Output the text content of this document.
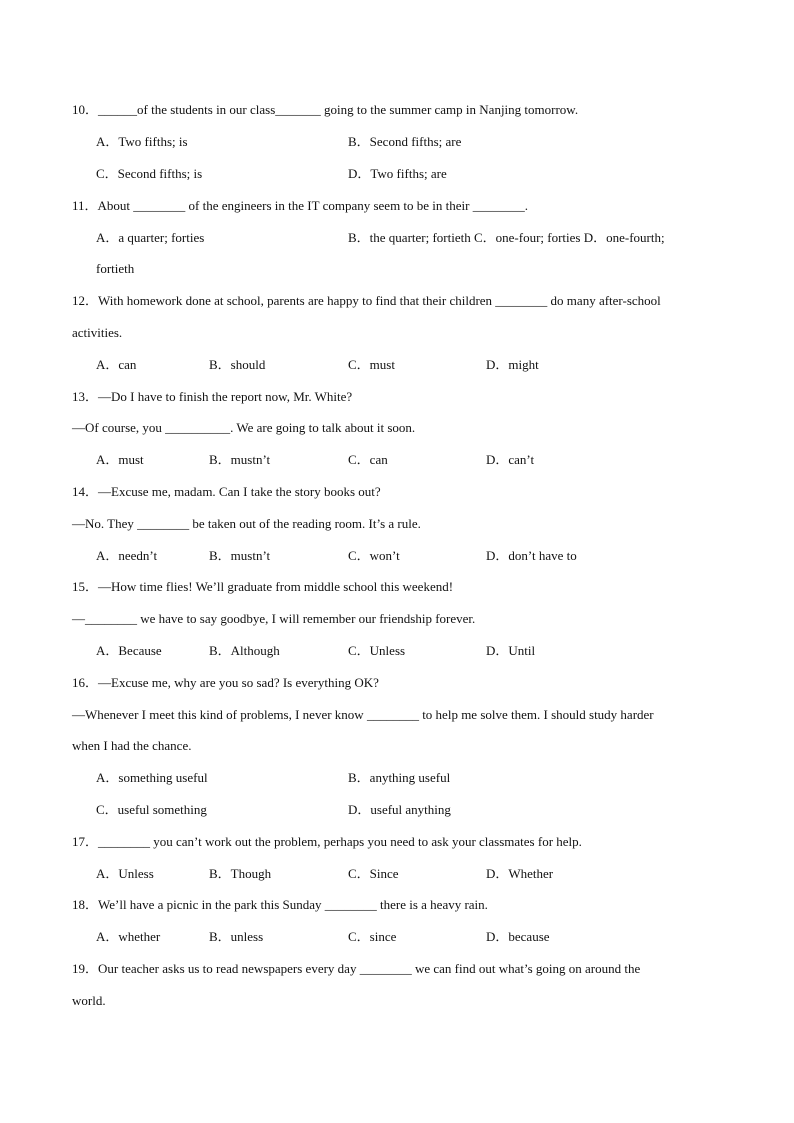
10．______of the students in our class_______ going to the summer camp in Nanjing tomorrow.
A．Two fifths; is	B．Second fifths; are
C．Second fifths; is	D．Two fifths; are
11．About ________ of the engineers in the IT company seem to be in their ________.
A．a quarter; forties	B．the quarter; fortieth C．one-four; forties D．one-fourth;
fortieth
12．With homework done at school, parents are happy to find that their children ________ do many after-school
activities.
A．can	B．should	C．must	D．might
13．—Do I have to finish the report now, Mr. White?
—Of course, you __________. We are going to talk about it soon.
A．must	B．mustn’t	C．can	D．can’t
14．—Excuse me, madam. Can I take the story books out?
—No. They ________ be taken out of the reading room. It’s a rule.
A．needn’t	B．mustn’t	C．won’t	D．don’t have to
15．—How time flies! We’ll graduate from middle school this weekend!
—________ we have to say goodbye, I will remember our friendship forever.
A．Because	B．Although	C．Unless	D．Until
16．—Excuse me, why are you so sad? Is everything OK?
—Whenever I meet this kind of problems, I never know ________ to help me solve them. I should study harder
when I had the chance.
A．something useful	B．anything useful
C．useful something	D．useful anything
17．________ you can’t work out the problem, perhaps you need to ask your classmates for help.
A．Unless	B．Though	C．Since	D．Whether
18．We’ll have a picnic in the park this Sunday ________ there is a heavy rain.
A．whether	B．unless	C．since	D．because
19．Our teacher asks us to read newspapers every day ________ we can find out what’s going on around the
world.
